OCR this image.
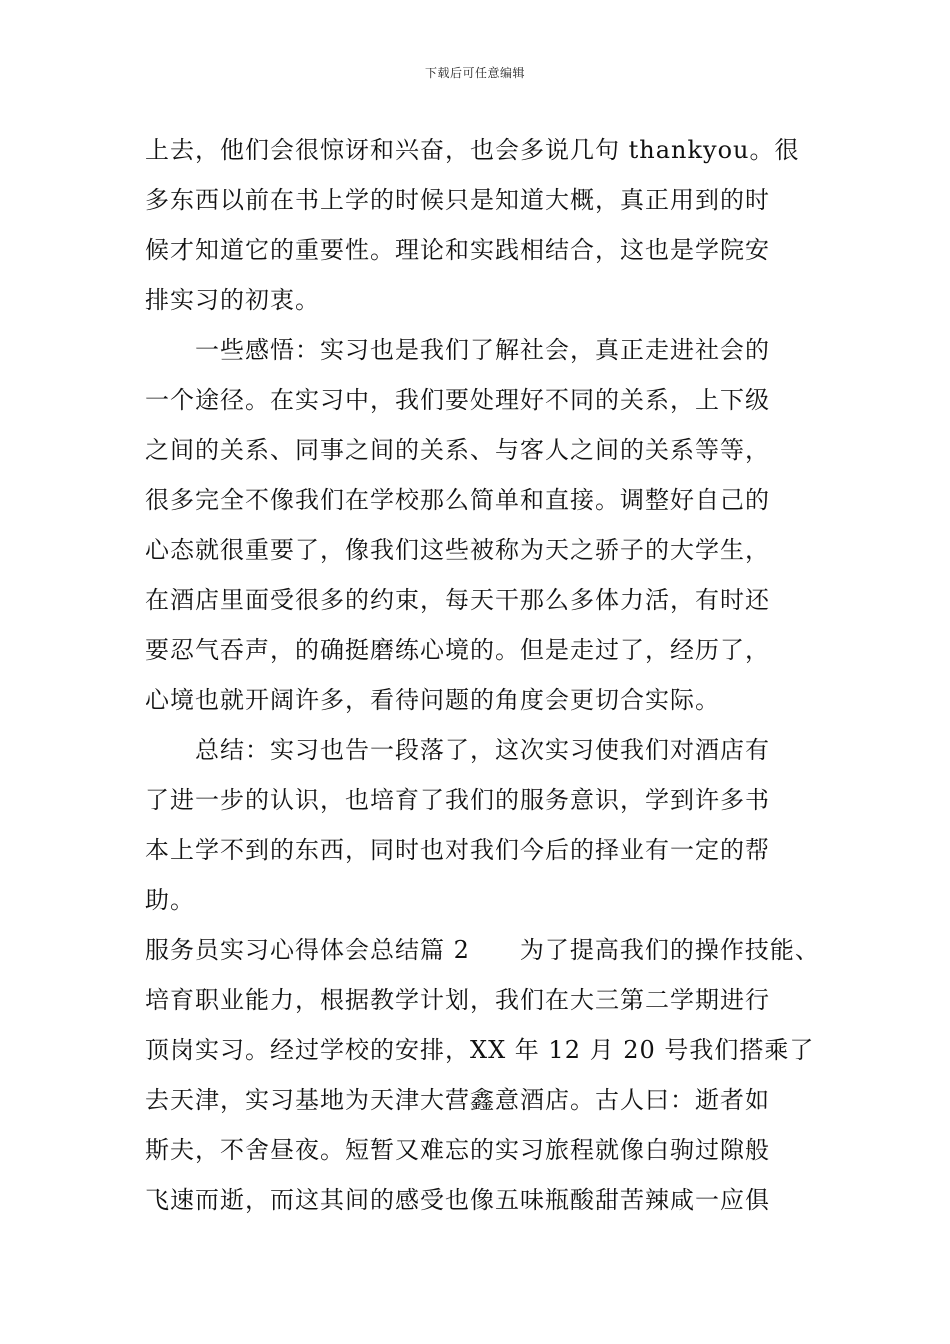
下载后可任意编辑
上去，他们会很惊讶和兴奋，也会多说几句 thankyou。很
多东西以前在书上学的时候只是知道大概，真正用到的时
候才知道它的重要性。理论和实践相结合，这也是学院安
排实习的初衷。
　　一些感悟：实习也是我们了解社会，真正走进社会的
一个途径。在实习中，我们要处理好不同的关系，上下级
之间的关系、同事之间的关系、与客人之间的关系等等，
很多完全不像我们在学校那么简单和直接。调整好自己的
心态就很重要了，像我们这些被称为天之骄子的大学生，
在酒店里面受很多的约束，每天干那么多体力活，有时还
要忍气吞声，的确挺磨练心境的。但是走过了，经历了，
心境也就开阔许多，看待问题的角度会更切合实际。
　　总结：实习也告一段落了，这次实习使我们对酒店有
了进一步的认识，也培育了我们的服务意识，学到许多书
本上学不到的东西，同时也对我们今后的择业有一定的帮
助。
服务员实习心得体会总结篇 2　　为了提高我们的操作技能、
培育职业能力，根据教学计划，我们在大三第二学期进行
顶岗实习。经过学校的安排，XX 年 12 月 20 号我们搭乘了
去天津，实习基地为天津大营鑫意酒店。古人曰：逝者如
斯夫，不舍昼夜。短暂又难忘的实习旅程就像白驹过隙般
飞速而逝，而这其间的感受也像五味瓶酸甜苦辣咸一应俱
